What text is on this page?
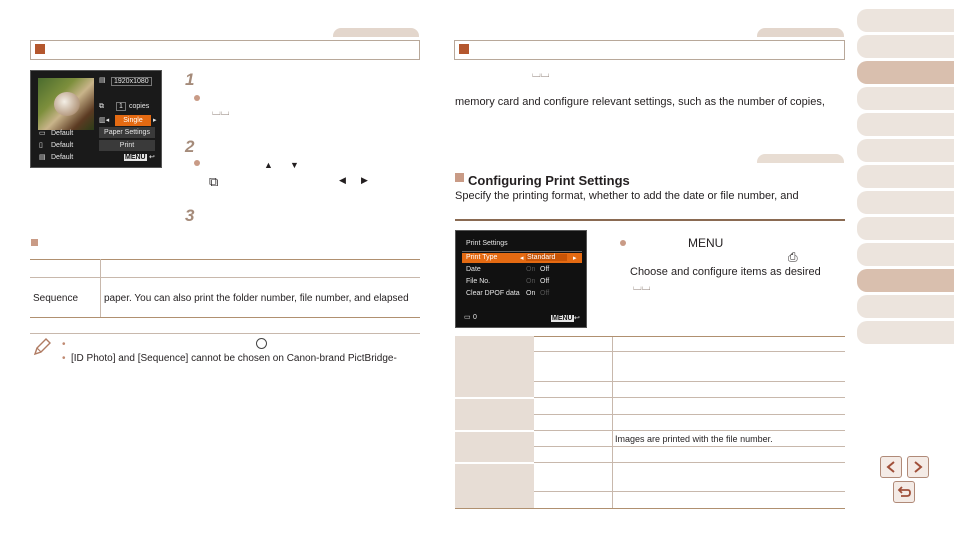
▤	1920x1080
⧉	1 copies
▥◂	Single	▸
▭ Default
▯ Default
▤ Default
Paper Settings
Print
MENU ↩
1
⌴⌴
2
▲ ▼
⧉	◀ ▶
3
Sequence	paper. You can also print the folder number, file number, and elapsed
•
• [ID Photo] and [Sequence] cannot be chosen on Canon-brand PictBridge-
⌴⌴
memory card and configure relevant settings, such as the number of copies,
Configuring Print Settings
Specify the printing format, whether to add the date or file number, and
Print Settings
Print Type	◂ Standard	▸
Date	On Off
File No.	On Off
Clear DPOF data On Off
▭ 0	MENU ↩
MENU
⎙
Choose and configure items as desired
⌴⌴
Images are printed with the file number.
